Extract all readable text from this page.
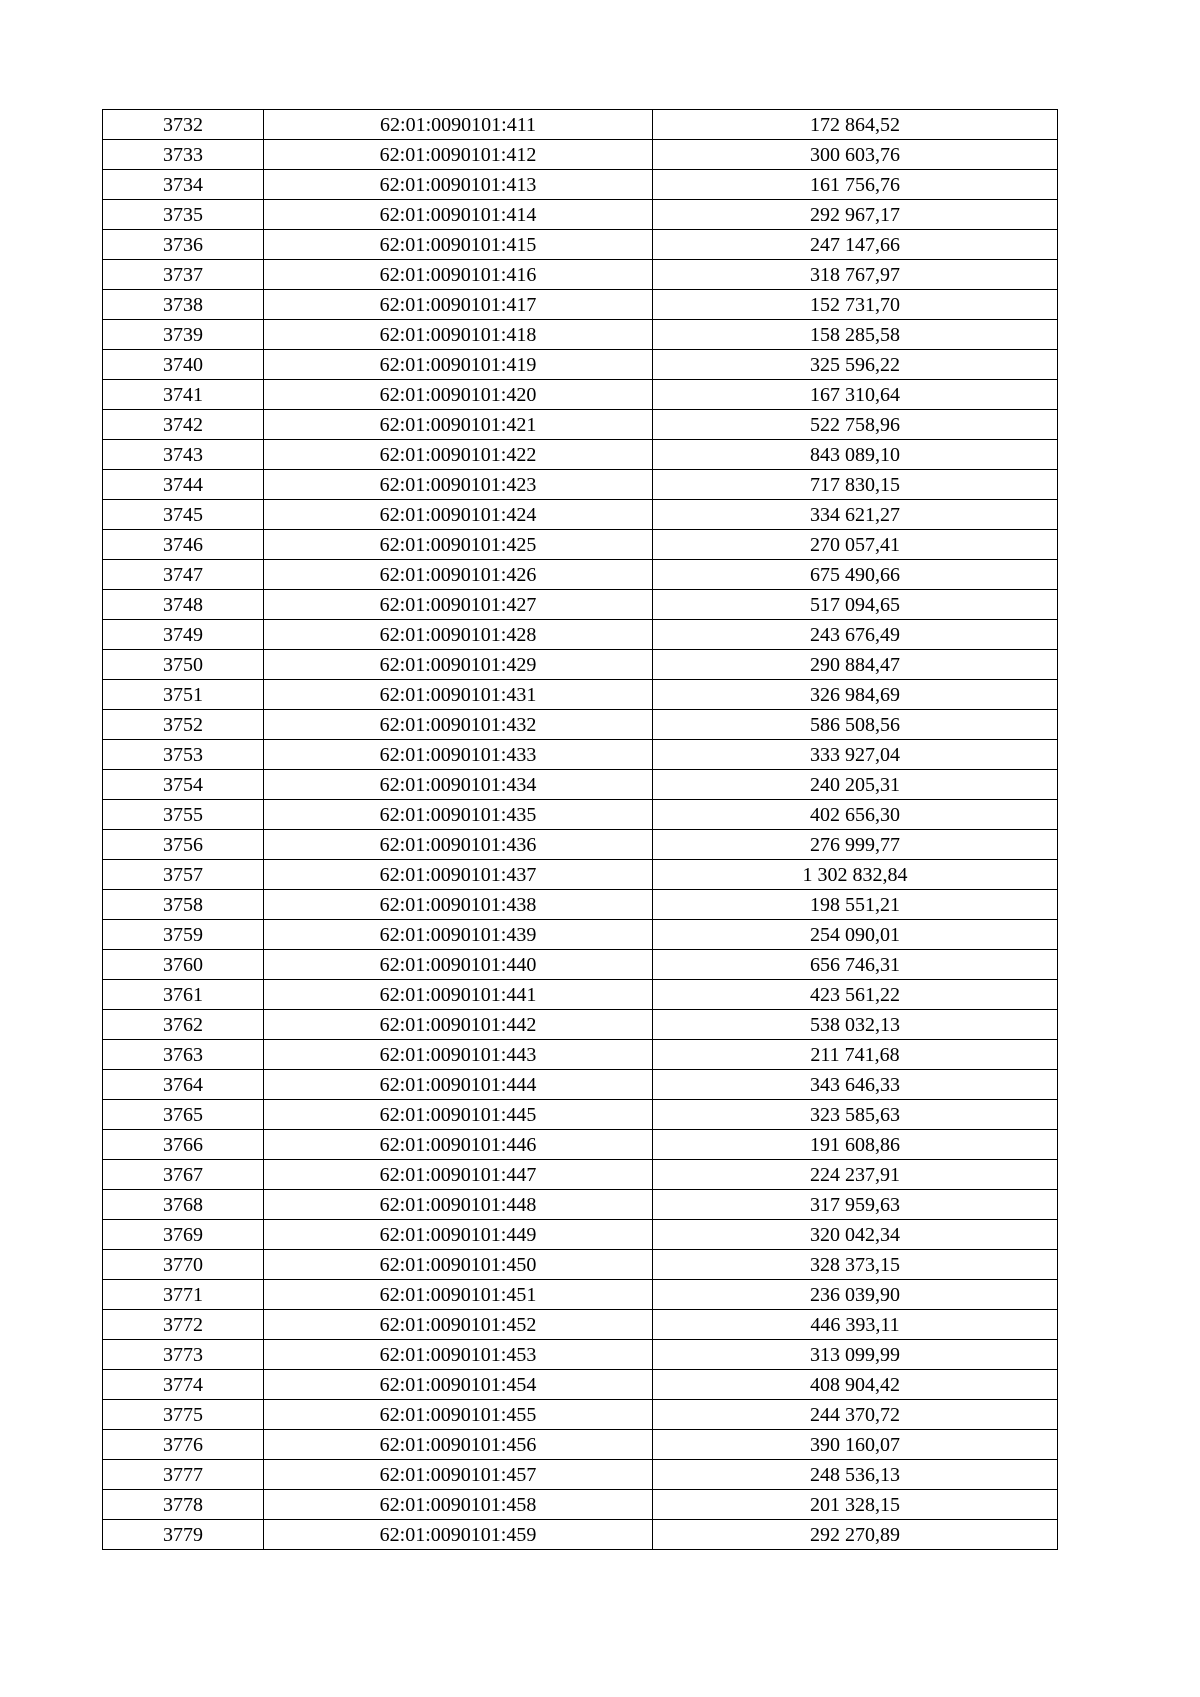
3732	62:01:0090101:411	172 864,52
3733	62:01:0090101:412	300 603,76
3734	62:01:0090101:413	161 756,76
3735	62:01:0090101:414	292 967,17
3736	62:01:0090101:415	247 147,66
3737	62:01:0090101:416	318 767,97
3738	62:01:0090101:417	152 731,70
3739	62:01:0090101:418	158 285,58
3740	62:01:0090101:419	325 596,22
3741	62:01:0090101:420	167 310,64
3742	62:01:0090101:421	522 758,96
3743	62:01:0090101:422	843 089,10
3744	62:01:0090101:423	717 830,15
3745	62:01:0090101:424	334 621,27
3746	62:01:0090101:425	270 057,41
3747	62:01:0090101:426	675 490,66
3748	62:01:0090101:427	517 094,65
3749	62:01:0090101:428	243 676,49
3750	62:01:0090101:429	290 884,47
3751	62:01:0090101:431	326 984,69
3752	62:01:0090101:432	586 508,56
3753	62:01:0090101:433	333 927,04
3754	62:01:0090101:434	240 205,31
3755	62:01:0090101:435	402 656,30
3756	62:01:0090101:436	276 999,77
3757	62:01:0090101:437	1 302 832,84
3758	62:01:0090101:438	198 551,21
3759	62:01:0090101:439	254 090,01
3760	62:01:0090101:440	656 746,31
3761	62:01:0090101:441	423 561,22
3762	62:01:0090101:442	538 032,13
3763	62:01:0090101:443	211 741,68
3764	62:01:0090101:444	343 646,33
3765	62:01:0090101:445	323 585,63
3766	62:01:0090101:446	191 608,86
3767	62:01:0090101:447	224 237,91
3768	62:01:0090101:448	317 959,63
3769	62:01:0090101:449	320 042,34
3770	62:01:0090101:450	328 373,15
3771	62:01:0090101:451	236 039,90
3772	62:01:0090101:452	446 393,11
3773	62:01:0090101:453	313 099,99
3774	62:01:0090101:454	408 904,42
3775	62:01:0090101:455	244 370,72
3776	62:01:0090101:456	390 160,07
3777	62:01:0090101:457	248 536,13
3778	62:01:0090101:458	201 328,15
3779	62:01:0090101:459	292 270,89
